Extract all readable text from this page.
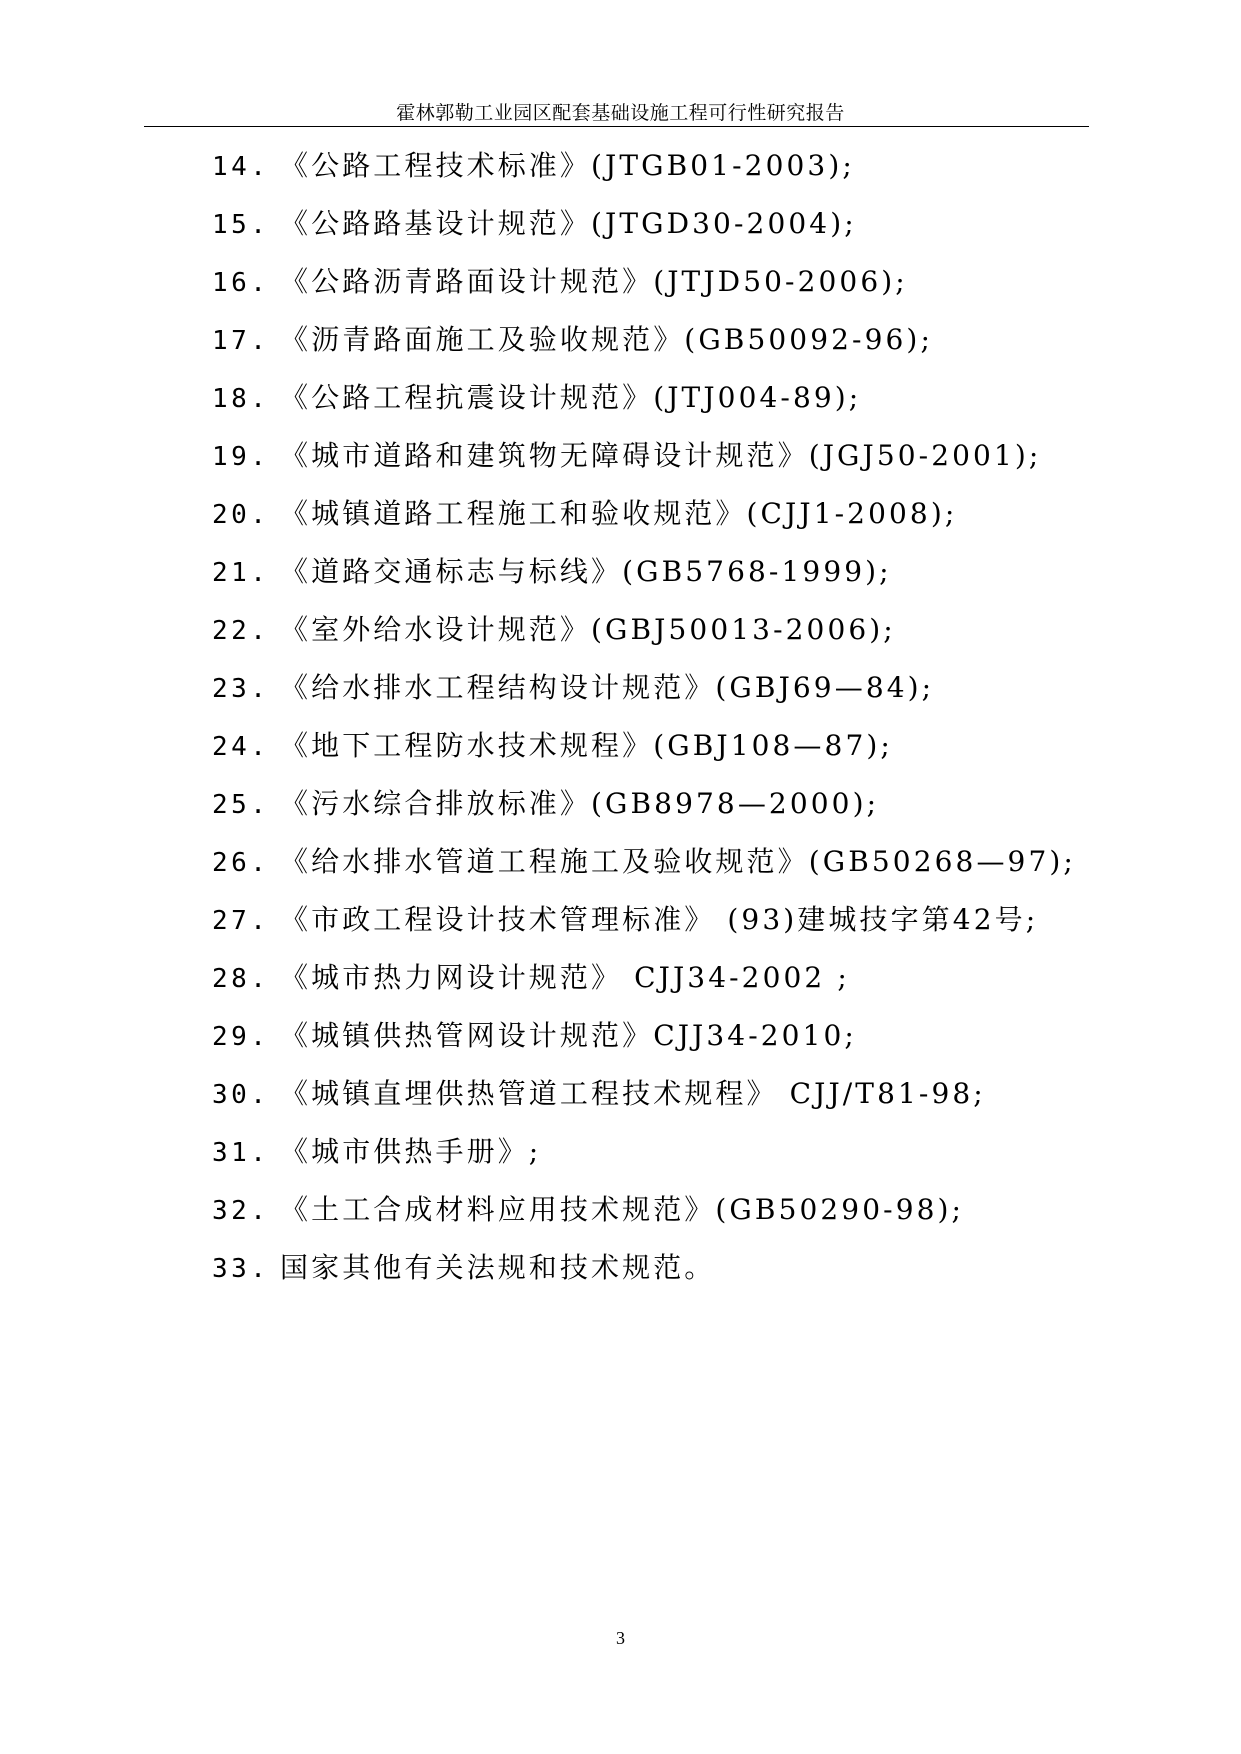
霍林郭勒工业园区配套基础设施工程可行性研究报告
14. 《公路工程技术标准》(JTGB01-2003);
15. 《公路路基设计规范》(JTGD30-2004);
16. 《公路沥青路面设计规范》(JTJD50-2006);
17. 《沥青路面施工及验收规范》(GB50092-96);
18. 《公路工程抗震设计规范》(JTJ004-89);
19. 《城市道路和建筑物无障碍设计规范》(JGJ50-2001);
20. 《城镇道路工程施工和验收规范》(CJJ1-2008);
21. 《道路交通标志与标线》(GB5768-1999);
22. 《室外给水设计规范》(GBJ50013-2006);
23. 《给水排水工程结构设计规范》(GBJ69—84);
24. 《地下工程防水技术规程》(GBJ108—87);
25. 《污水综合排放标准》(GB8978—2000);
26. 《给水排水管道工程施工及验收规范》(GB50268—97);
27. 《市政工程设计技术管理标准》 (93)建城技字第42号;
28. 《城市热力网设计规范》 CJJ34-2002 ;
29. 《城镇供热管网设计规范》CJJ34-2010;
30. 《城镇直埋供热管道工程技术规程》 CJJ/T81-98;
31. 《城市供热手册》;
32. 《土工合成材料应用技术规范》(GB50290-98);
33. 国家其他有关法规和技术规范。
3
